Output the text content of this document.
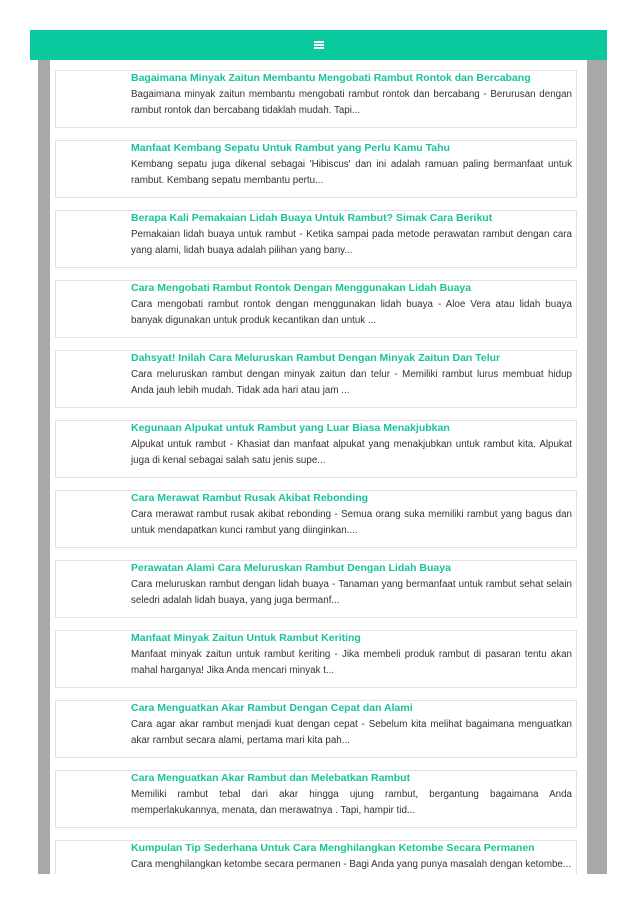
Bagaimana Minyak Zaitun Membantu Mengobati Rambut Rontok dan Bercabang

Bagaimana minyak zaitun membantu mengobati rambut rontok dan bercabang - Berurusan dengan rambut rontok dan bercabang tidaklah mudah. Tapi...

Manfaat Kembang Sepatu Untuk Rambut yang Perlu Kamu Tahu

Kembang sepatu juga dikenal sebagai 'Hibiscus' dan ini adalah ramuan paling bermanfaat untuk rambut. Kembang sepatu membantu pertu...

Berapa Kali Pemakaian Lidah Buaya Untuk Rambut? Simak Cara Berikut

Pemakaian lidah buaya untuk rambut - Ketika sampai pada metode perawatan rambut dengan cara yang alami, lidah buaya adalah pilihan yang bany...

Cara Mengobati Rambut Rontok Dengan Menggunakan Lidah Buaya

Cara mengobati rambut rontok dengan menggunakan lidah buaya - Aloe Vera atau lidah buaya banyak digunakan untuk produk kecantikan dan untuk ...

Dahsyat! Inilah Cara Meluruskan Rambut Dengan Minyak Zaitun Dan Telur

Cara meluruskan rambut dengan minyak zaitun dan telur - Memiliki rambut lurus membuat hidup Anda jauh lebih mudah. Tidak ada hari atau jam ...

Kegunaan Alpukat untuk Rambut yang Luar Biasa Menakjubkan

Alpukat untuk rambut - Khasiat dan manfaat alpukat yang menakjubkan untuk rambut kita. Alpukat juga di kenal sebagai salah satu jenis supe...

Cara Merawat Rambut Rusak Akibat Rebonding

Cara merawat rambut rusak akibat rebonding - Semua orang suka memiliki rambut yang bagus dan untuk mendapatkan kunci rambut yang diinginkan....

Perawatan Alami Cara Meluruskan Rambut Dengan Lidah Buaya

Cara meluruskan rambut dengan lidah buaya - Tanaman yang bermanfaat untuk rambut sehat selain seledri adalah lidah buaya, yang juga bermanf...

Manfaat Minyak Zaitun Untuk Rambut Keriting

Manfaat minyak zaitun untuk rambut keriting - Jika membeli produk rambut di pasaran tentu akan mahal harganya! Jika Anda mencari minyak t...

Cara Menguatkan Akar Rambut Dengan Cepat dan Alami

Cara agar akar rambut menjadi kuat dengan cepat - Sebelum kita melihat bagaimana menguatkan akar rambut secara alami, pertama mari kita pah...

Cara Menguatkan Akar Rambut dan Melebatkan Rambut

Memiliki rambut tebal dari akar hingga ujung rambut, bergantung bagaimana Anda memperlakukannya, menata, dan merawatnya . Tapi, hampir tid...

Kumpulan Tip Sederhana Untuk Cara Menghilangkan Ketombe Secara Permanen

Cara menghilangkan ketombe secara permanen - Bagi Anda yang punya masalah dengan ketombe...
